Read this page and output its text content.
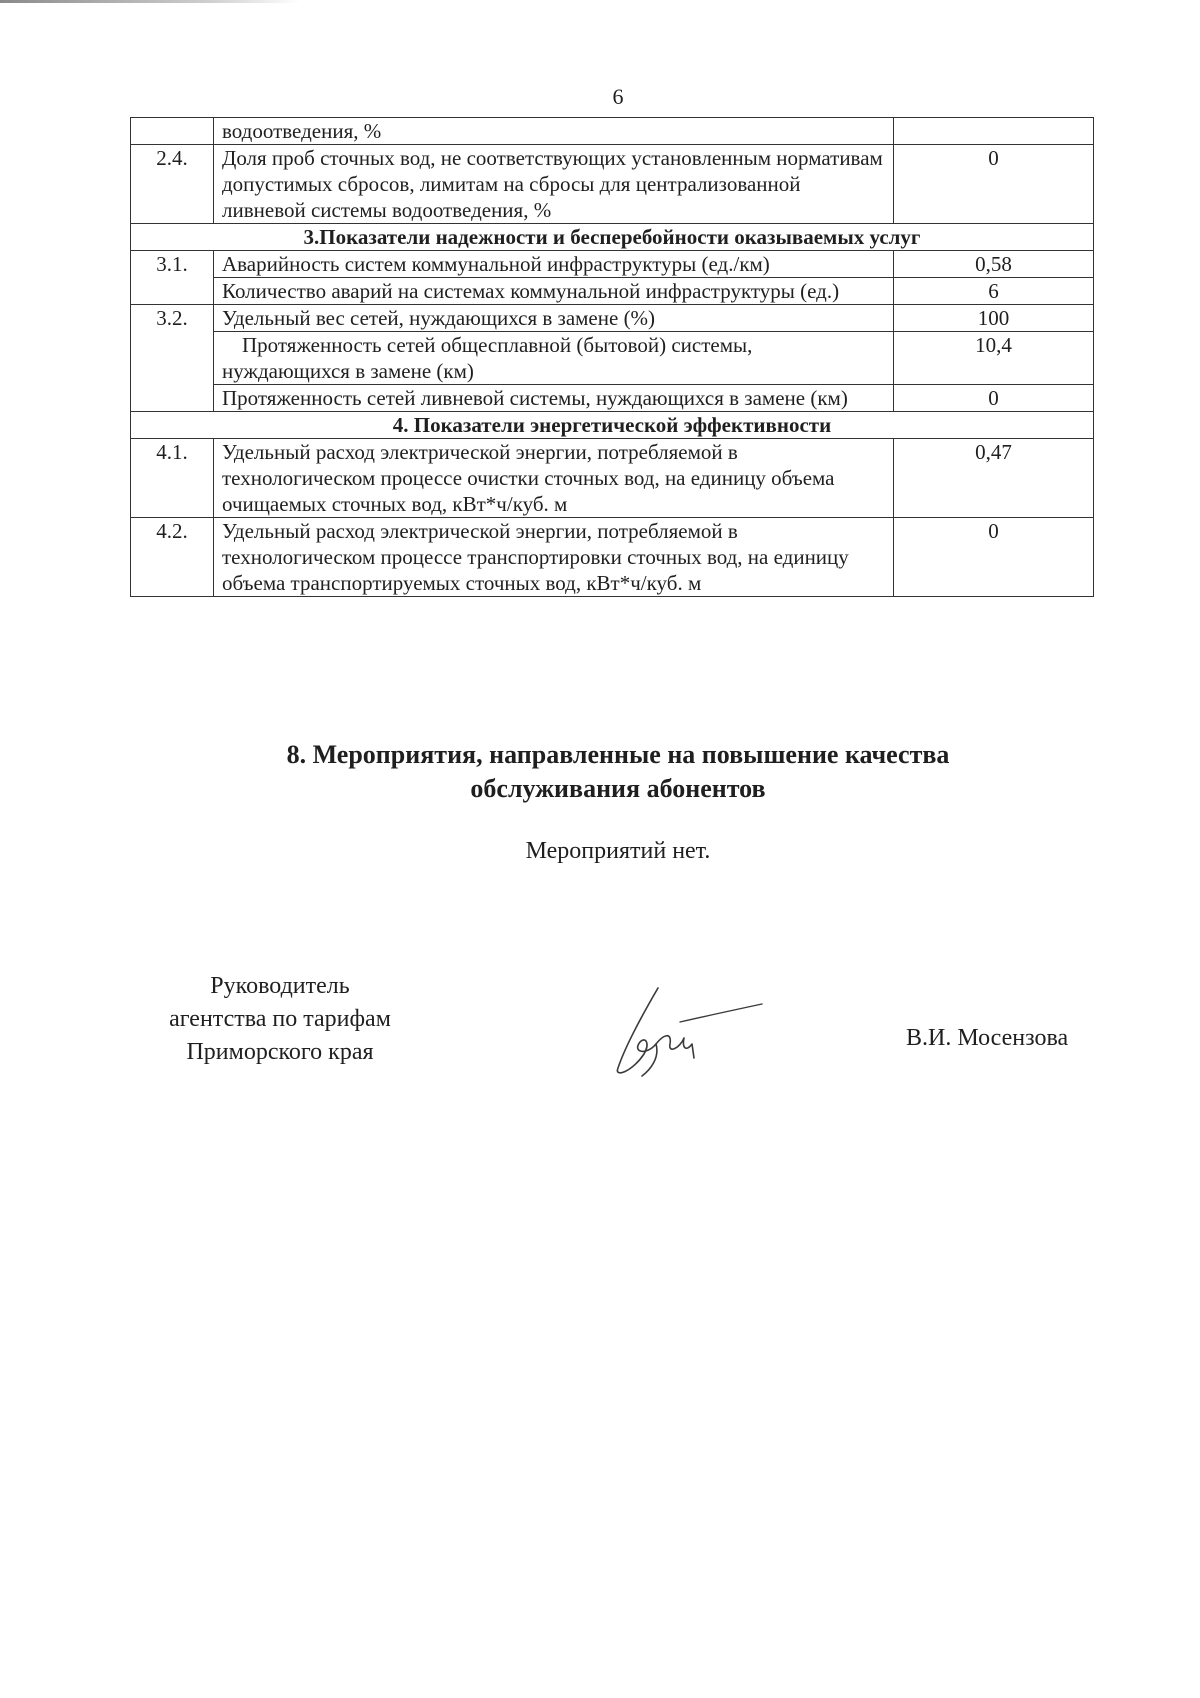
6
	водоотведения, %	
2.4.	Доля проб сточных вод, не соответствующих установленным нормативам допустимых сбросов, лимитам на сбросы для централизованной ливневой системы водоотведения, %	0
3.Показатели надежности и бесперебойности оказываемых услуг		
3.1.	Аварийность систем коммунальной инфраструктуры (ед./км)	0,58
	Количество аварий на системах коммунальной инфраструктуры (ед.)	6
3.2.	Удельный вес сетей, нуждающихся в замене (%)	100
	Протяженность сетей общесплавной (бытовой) системы, нуждающихся в замене (км)	10,4
	Протяженность сетей ливневой системы, нуждающихся в замене (км)	0
4. Показатели энергетической эффективности		
4.1.	Удельный расход электрической энергии, потребляемой в технологическом процессе очистки сточных вод, на единицу объема очищаемых сточных вод, кВт*ч/куб. м	0,47
4.2.	Удельный расход электрической энергии, потребляемой в технологическом процессе транспортировки сточных вод, на единицу объема транспортируемых сточных вод, кВт*ч/куб. м	0
8. Мероприятия, направленные на повышение качества
обслуживания абонентов
Мероприятий нет.
Руководитель
агентства по тарифам
Приморского края
В.И. Мосензова
